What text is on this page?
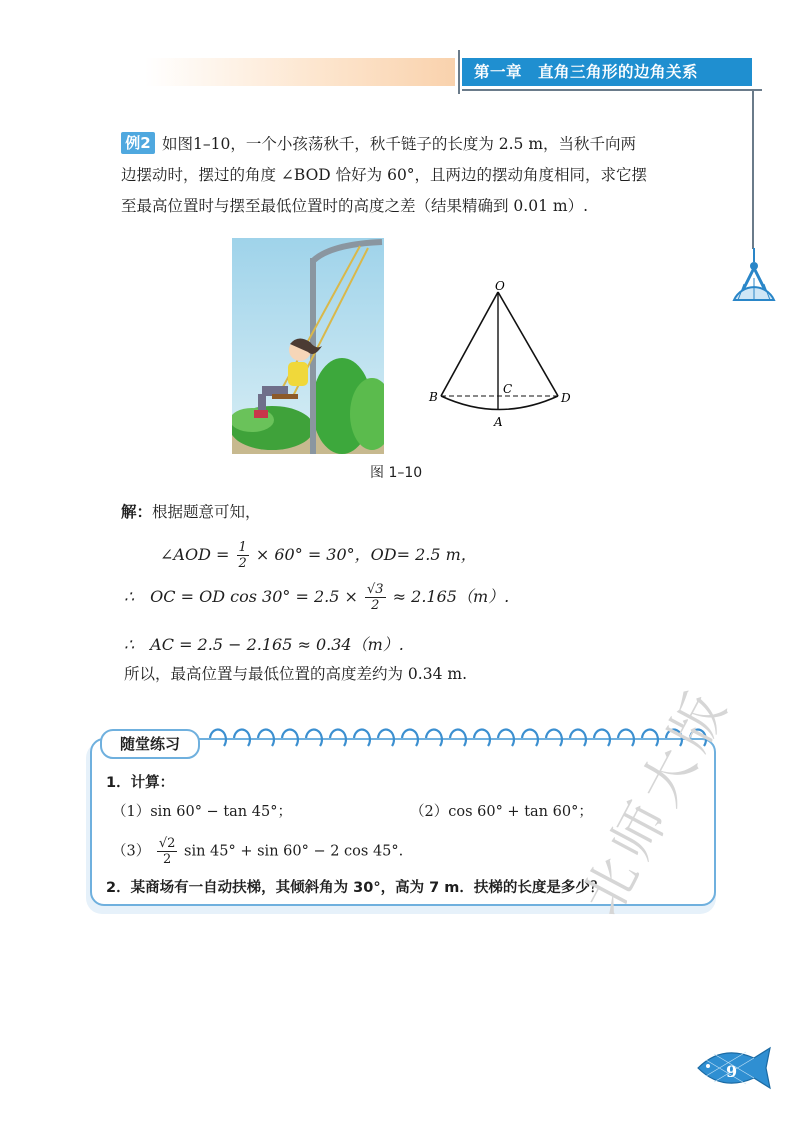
第一章　直角三角形的边角关系
例2 如图1–10，一个小孩荡秋千，秋千链子的长度为 2.5 m，当秋千向两
边摆动时，摆过的角度 ∠BOD 恰好为 60°，且两边的摆动角度相同，求它摆
至最高位置时与摆至最低位置时的高度之差（结果精确到 0.01 m）.
O
B
C
D
A
图 1–10
解：根据题意可知，
∠AOD = $\frac{1}{2} \times 60^\circ = 30^\circ$，OD= 2.5 m，
∴　OC = OD $\cos 30^\circ = 2.5 \times \frac{√3}{2} \approx 2.165(m)$.
∴　AC = 2.5 − 2.165 ≈ 0.34（m）.
所以，最高位置与最低位置的高度差约为 0.34 m.
随堂练习
1．计算：
（1）sin 60° − tan 45°；	（2）cos 60° + tan 60°；
$(3) \frac{√2}{2}$ sin 45° + sin 60° − 2 cos 45°.
2．某商场有一自动扶梯，其倾斜角为 30°，高为 7 m．扶梯的长度是多少？
北师大版
9
